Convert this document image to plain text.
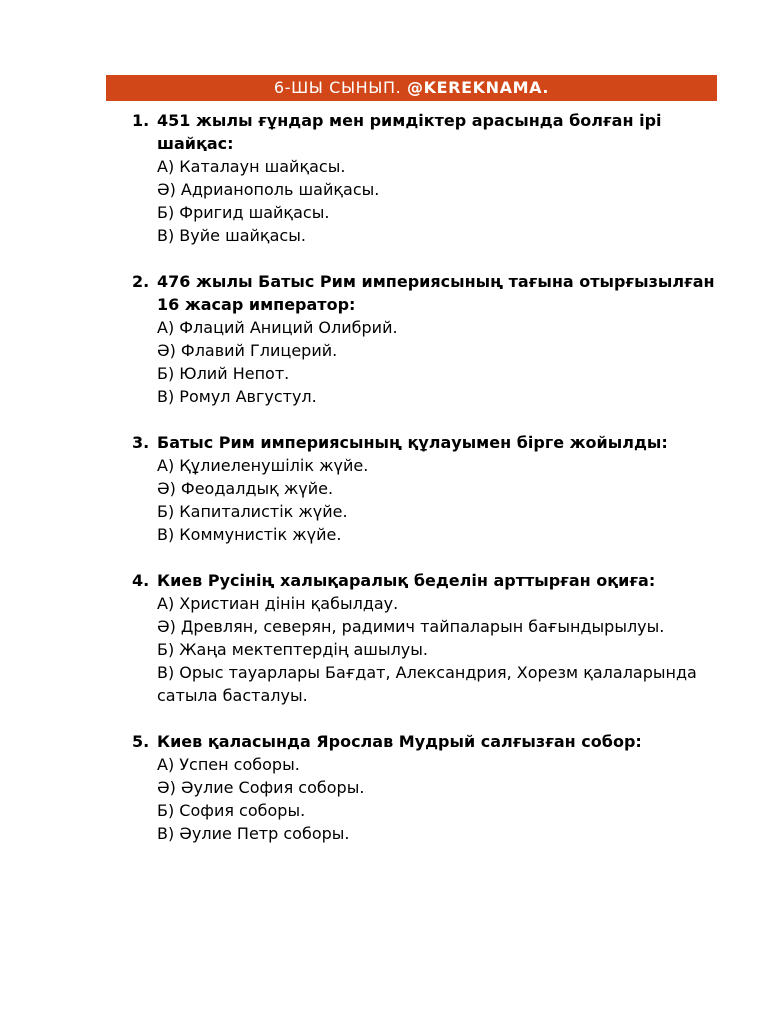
6-ШЫ СЫНЫП. @KEREKNAMA.
1. 451 жылы ғұндар мен римдіктер арасында болған ірі шайқас:
А) Каталаун шайқасы.
Ә) Адрианополь шайқасы.
Б) Фригид шайқасы.
В) Вуйе шайқасы.
2. 476 жылы Батыс Рим империясының тағына отырғызылған 16 жасар император:
А) Флаций Аниций Олибрий.
Ә) Флавий Глицерий.
Б) Юлий Непот.
В) Ромул Августул.
3. Батыс Рим империясының құлауымен бірге жойылды:
А) Құлиеленушілік жүйе.
Ә) Феодалдық жүйе.
Б) Капиталистік жүйе.
В) Коммунистік жүйе.
4. Киев Русінің халықаралық беделін арттырған оқиға:
А) Христиан дінін қабылдау.
Ә) Древлян, северян, радимич тайпаларын бағындырылуы.
Б) Жаңа мектептердің ашылуы.
В) Орыс тауарлары Бағдат, Александрия, Хорезм қалаларында сатыла басталуы.
5. Киев қаласында Ярослав Мудрый салғызған собор:
А) Успен соборы.
Ә) Әулие София соборы.
Б) София соборы.
В) Әулие Петр соборы.
